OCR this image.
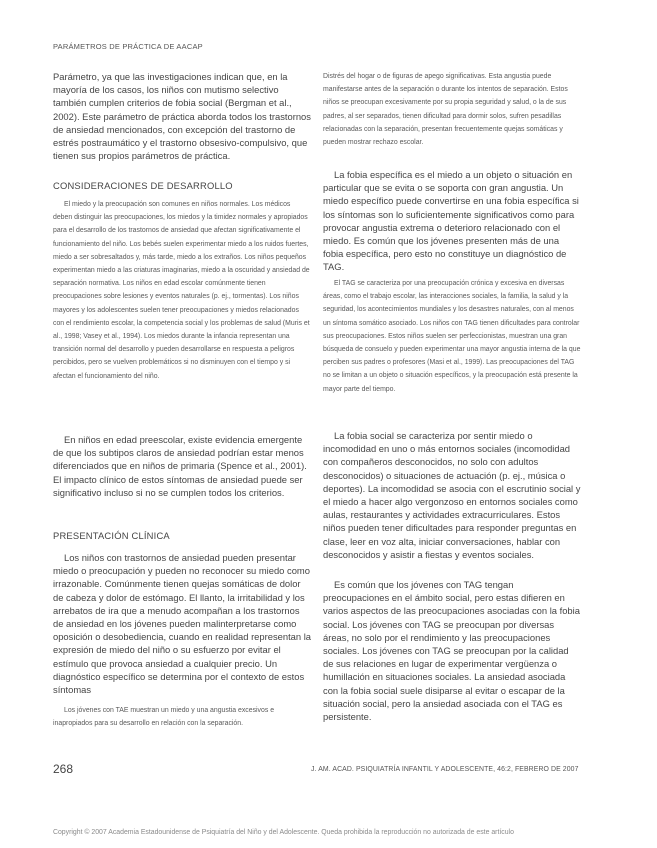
PARÁMETROS DE PRÁCTICA DE AACAP

Parámetro, ya que las investigaciones indican que, en la mayoría de los casos, los niños con mutismo selectivo también cumplen criterios de fobia social (Bergman et al., 2002). Este parámetro de práctica aborda todos los trastornos de ansiedad mencionados, con excepción del trastorno de estrés postraumático y el trastorno obsesivo-compulsivo, que tienen sus propios parámetros de práctica.

CONSIDERACIONES DE DESARROLLO

El miedo y la preocupación son comunes en niños normales. Los médicos deben distinguir las preocupaciones, los miedos y la timidez normales y apropiados para el desarrollo de los trastornos de ansiedad que afectan significativamente el funcionamiento del niño. Los bebés suelen experimentar miedo a los ruidos fuertes, miedo a ser sobresaltados y, más tarde, miedo a los extraños. Los niños pequeños experimentan miedo a las criaturas imaginarias, miedo a la oscuridad y ansiedad de separación normativa. Los niños en edad escolar comúnmente tienen preocupaciones sobre lesiones y eventos naturales (p. ej., tormentas). Los niños mayores y los adolescentes suelen tener preocupaciones y miedos relacionados con el rendimiento escolar, la competencia social y los problemas de salud (Muris et al., 1998; Vasey et al., 1994). Los miedos durante la infancia representan una transición normal del desarrollo y pueden desarrollarse en respuesta a peligros percibidos, pero se vuelven problemáticos si no disminuyen con el tiempo y si afectan el funcionamiento del niño.

En niños en edad preescolar, existe evidencia emergente de que los subtipos claros de ansiedad podrían estar menos diferenciados que en niños de primaria (Spence et al., 2001). El impacto clínico de estos síntomas de ansiedad puede ser significativo incluso si no se cumplen todos los criterios.

PRESENTACIÓN CLÍNICA

Los niños con trastornos de ansiedad pueden presentar miedo o preocupación y pueden no reconocer su miedo como irrazonable. Comúnmente tienen quejas somáticas de dolor de cabeza y dolor de estómago. El llanto, la irritabilidad y los arrebatos de ira que a menudo acompañan a los trastornos de ansiedad en los jóvenes pueden malinterpretarse como oposición o desobediencia, cuando en realidad representan la expresión de miedo del niño o su esfuerzo por evitar el estímulo que provoca ansiedad a cualquier precio. Un diagnóstico específico se determina por el contexto de estos síntomas

Los jóvenes con TAE muestran un miedo y una angustia excesivos e inapropiados para su desarrollo en relación con la separación.

Distrés del hogar o de figuras de apego significativas. Esta angustia puede manifestarse antes de la separación o durante los intentos de separación. Estos niños se preocupan excesivamente por su propia seguridad y salud, o la de sus padres, al ser separados, tienen dificultad para dormir solos, sufren pesadillas relacionadas con la separación, presentan frecuentemente quejas somáticas y pueden mostrar rechazo escolar.

La fobia específica es el miedo a un objeto o situación en particular que se evita o se soporta con gran angustia. Un miedo específico puede convertirse en una fobia específica si los síntomas son lo suficientemente significativos como para provocar angustia extrema o deterioro relacionado con el miedo. Es común que los jóvenes presenten más de una fobia específica, pero esto no constituye un diagnóstico de TAG.

El TAG se caracteriza por una preocupación crónica y excesiva en diversas áreas, como el trabajo escolar, las interacciones sociales, la familia, la salud y la seguridad, los acontecimientos mundiales y los desastres naturales, con al menos un síntoma somático asociado. Los niños con TAG tienen dificultades para controlar sus preocupaciones. Estos niños suelen ser perfeccionistas, muestran una gran búsqueda de consuelo y pueden experimentar una mayor angustia interna de la que perciben sus padres o profesores (Masi et al., 1999). Las preocupaciones del TAG no se limitan a un objeto o situación específicos, y la preocupación está presente la mayor parte del tiempo.

La fobia social se caracteriza por sentir miedo o incomodidad en uno o más entornos sociales (incomodidad con compañeros desconocidos, no solo con adultos desconocidos) o situaciones de actuación (p. ej., música o deportes). La incomodidad se asocia con el escrutinio social y el miedo a hacer algo vergonzoso en entornos sociales como aulas, restaurantes y actividades extracurriculares. Estos niños pueden tener dificultades para responder preguntas en clase, leer en voz alta, iniciar conversaciones, hablar con desconocidos y asistir a fiestas y eventos sociales.

Es común que los jóvenes con TAG tengan preocupaciones en el ámbito social, pero estas difieren en varios aspectos de las preocupaciones asociadas con la fobia social. Los jóvenes con TAG se preocupan por diversas áreas, no solo por el rendimiento y las preocupaciones sociales. Los jóvenes con TAG se preocupan por la calidad de sus relaciones en lugar de experimentar vergüenza o humillación en situaciones sociales. La ansiedad asociada con la fobia social suele disiparse al evitar o escapar de la situación social, pero la ansiedad asociada con el TAG es persistente.

268	J. AM. ACAD. PSIQUIATRÍA INFANTIL Y ADOLESCENTE, 46:2, FEBRERO DE 2007
Copyright © 2007 Academia Estadounidense de Psiquiatría del Niño y del Adolescente. Queda prohibida la reproducción no autorizada de este artículo
